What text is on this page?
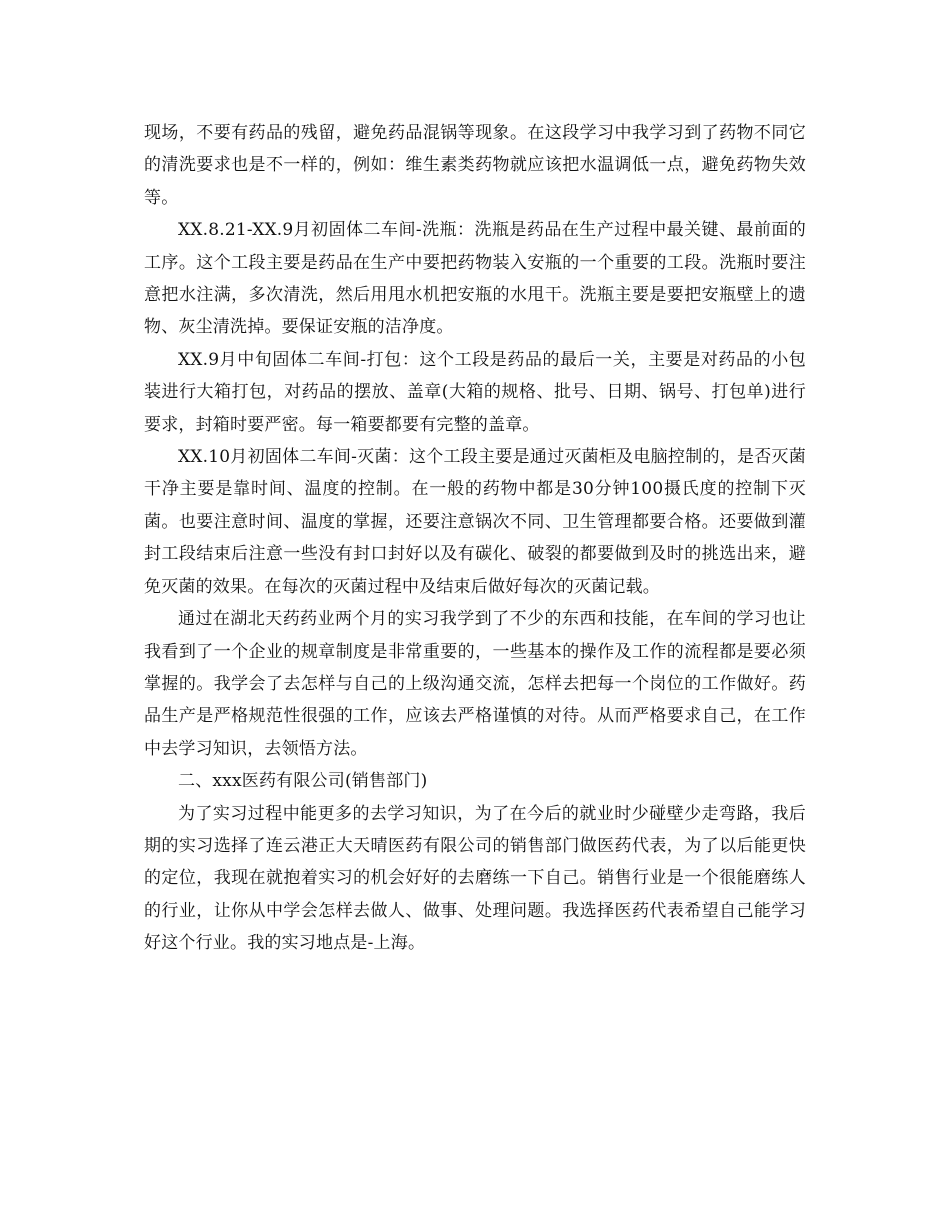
现场，不要有药品的残留，避免药品混锅等现象。在这段学习中我学习到了药物不同它的清洗要求也是不一样的，例如：维生素类药物就应该把水温调低一点，避免药物失效等。

XX.8.21-XX.9月初固体二车间-洗瓶：洗瓶是药品在生产过程中最关键、最前面的工序。这个工段主要是药品在生产中要把药物装入安瓶的一个重要的工段。洗瓶时要注意把水注满，多次清洗，然后用甩水机把安瓶的水甩干。洗瓶主要是要把安瓶壁上的遗物、灰尘清洗掉。要保证安瓶的洁净度。

XX.9月中旬固体二车间-打包：这个工段是药品的最后一关，主要是对药品的小包装进行大箱打包，对药品的摆放、盖章(大箱的规格、批号、日期、锅号、打包单)进行要求，封箱时要严密。每一箱要都要有完整的盖章。

XX.10月初固体二车间-灭菌：这个工段主要是通过灭菌柜及电脑控制的，是否灭菌干净主要是靠时间、温度的控制。在一般的药物中都是30分钟100摄氏度的控制下灭菌。也要注意时间、温度的掌握，还要注意锅次不同、卫生管理都要合格。还要做到灌封工段结束后注意一些没有封口封好以及有碳化、破裂的都要做到及时的挑选出来，避免灭菌的效果。在每次的灭菌过程中及结束后做好每次的灭菌记载。

通过在湖北天药药业两个月的实习我学到了不少的东西和技能，在车间的学习也让我看到了一个企业的规章制度是非常重要的，一些基本的操作及工作的流程都是要必须掌握的。我学会了去怎样与自己的上级沟通交流，怎样去把每一个岗位的工作做好。药品生产是严格规范性很强的工作，应该去严格谨慎的对待。从而严格要求自己，在工作中去学习知识，去领悟方法。

二、xxx医药有限公司(销售部门)

为了实习过程中能更多的去学习知识，为了在今后的就业时少碰壁少走弯路，我后期的实习选择了连云港正大天晴医药有限公司的销售部门做医药代表，为了以后能更快的定位，我现在就抱着实习的机会好好的去磨练一下自己。销售行业是一个很能磨练人的行业，让你从中学会怎样去做人、做事、处理问题。我选择医药代表希望自己能学习好这个行业。我的实习地点是-上海。
